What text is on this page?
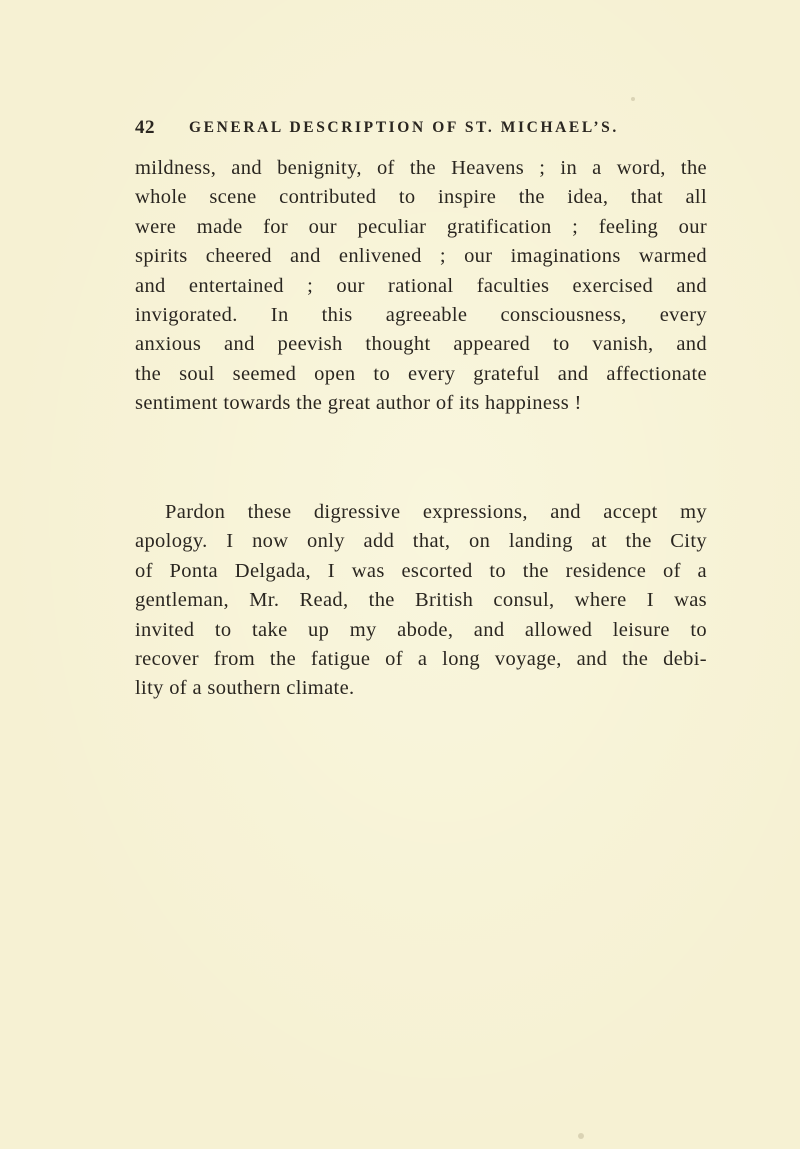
42 GENERAL DESCRIPTION OF ST. MICHAEL’S.

mildness, and benignity, of the Heavens ; in a word, the
whole scene contributed to inspire the idea, that all
were made for our peculiar gratification ; feeling our
spirits cheered and enlivened ; our imaginations warmed
and entertained ; our rational faculties exercised and
invigorated. In this agreeable consciousness, every
anxious and peevish thought appeared to vanish, and
the soul seemed open to every grateful and affectionate
sentiment towards the great author of its happiness !

Pardon these digressive expressions, and accept my
apology. I now only add that, on landing at the City
of Ponta Delgada, I was escorted to the residence of a
gentleman, Mr. Read, the British consul, where I was
invited to take up my abode, and allowed leisure to
recover from the fatigue of a long voyage, and the debi-
lity of a southern climate.
